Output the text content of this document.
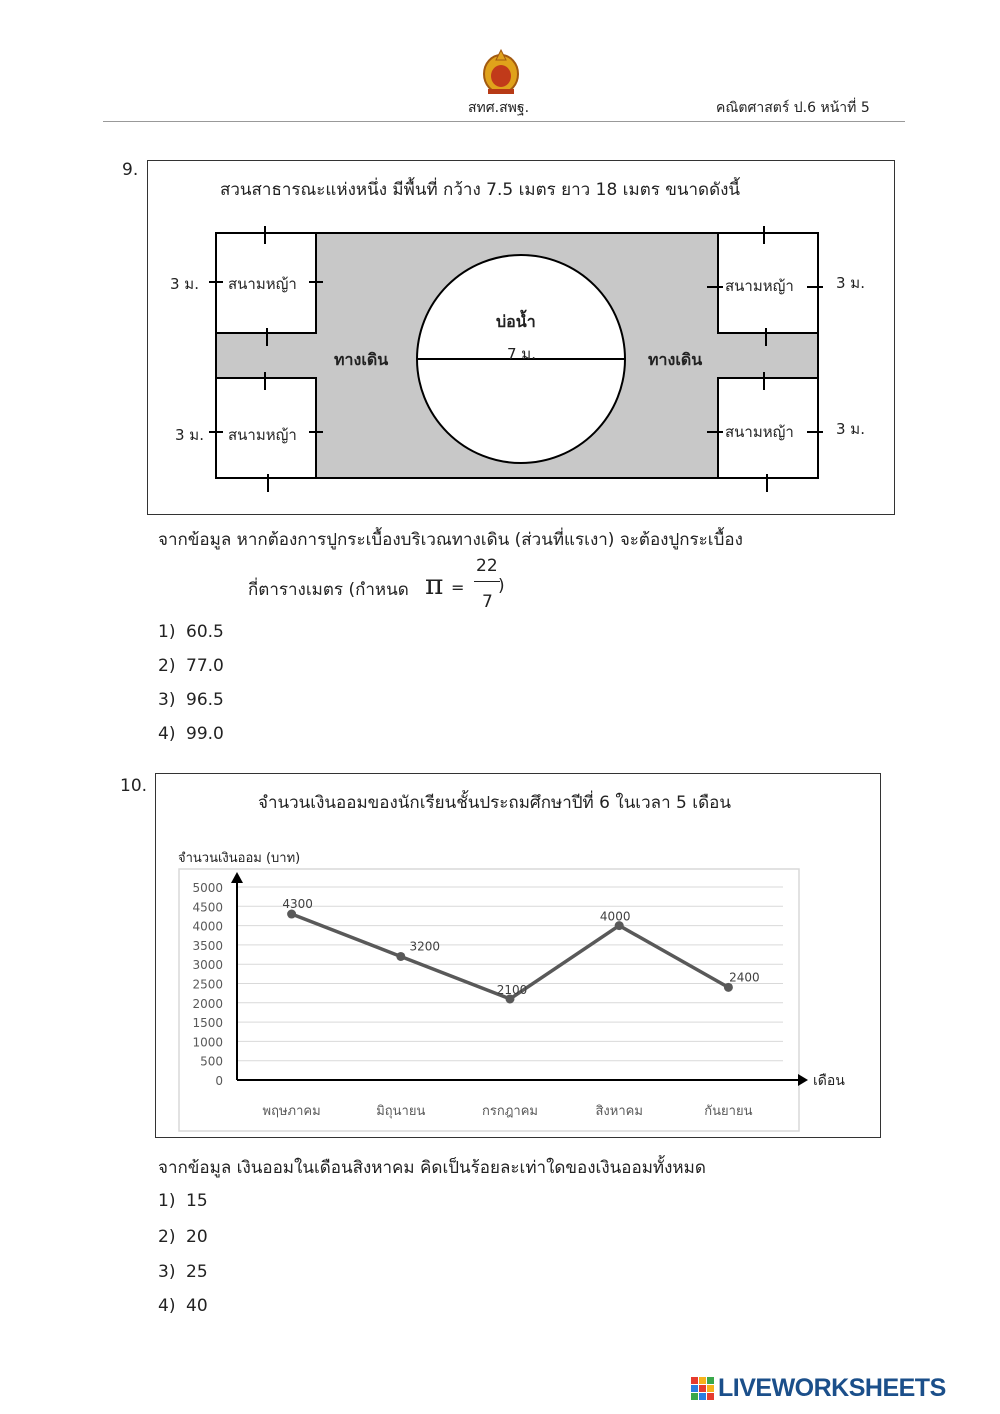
สทศ.สพฐ.	คณิตศาสตร์ ป.6 หน้าที่ 5
9.
สวนสาธารณะแห่งหนึ่ง มีพื้นที่ กว้าง 7.5 เมตร ยาว 18 เมตร ขนาดดังนี้
สนามหญ้า
สนามหญ้า
สนามหญ้า
สนามหญ้า
3 ม.
3 ม.
3 ม.
3 ม.
บ่อน้ำ
7 ม.
ทางเดิน	ทางเดิน
จากข้อมูล หากต้องการปูกระเบื้องบริเวณทางเดิน (ส่วนที่แรเงา) จะต้องปูกระเบื้อง
กี่ตารางเมตร (กำหนด π =
22
7
)
1) 60.5
2) 77.0
3) 96.5
4) 99.0
10.
จำนวนเงินออมของนักเรียนชั้นประถมศึกษาปีที่ 6 ในเวลา 5 เดือน
จำนวนเงินออม (บาท)
0
500
1000
1500
2000
2500
3000
3500
4000
4500
5000
พฤษภาคม	มิถุนายน	กรกฎาคม	สิงหาคม	กันยายน
เดือน
4300
3200
2100
4000
2400
จากข้อมูล เงินออมในเดือนสิงหาคม คิดเป็นร้อยละเท่าใดของเงินออมทั้งหมด
1) 15
2) 20
3) 25
4) 40
LIVEWORKSHEETS
